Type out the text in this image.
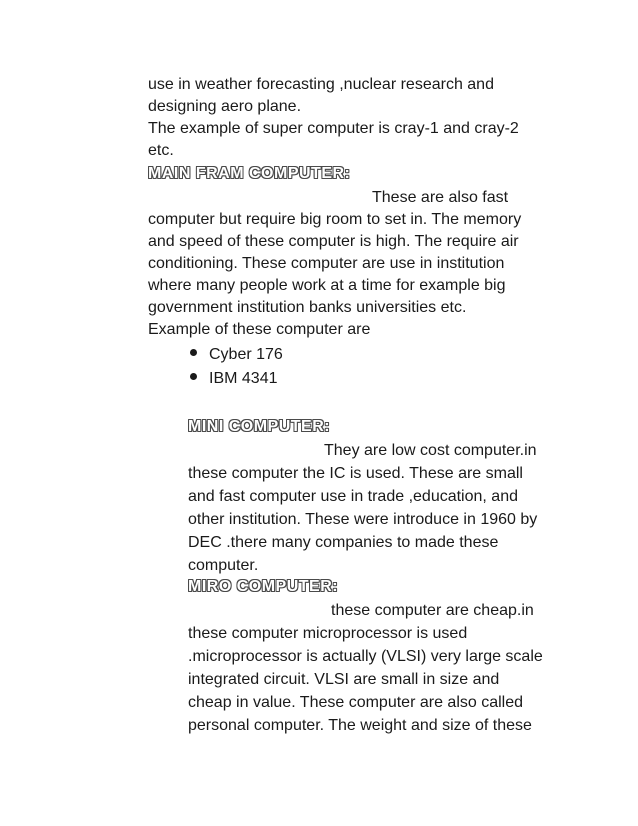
use in weather forecasting ,nuclear research and
designing aero plane.
The example of super computer is cray-1 and cray-2
etc.
MAIN FRAM COMPUTER:
These are also fast
computer but require big room to set in. The memory
and speed of these computer is high. The require air
conditioning. These computer are use in institution
where many people work at a time for example big
government institution banks universities etc.
Example of these computer are
Cyber 176
IBM 4341
MINI COMPUTER:
They are low cost computer.in
these computer the IC is used. These are small
and fast computer use in trade ,education, and
other institution. These were introduce in 1960 by
DEC .there many companies to made these
computer.
MIRO COMPUTER:
these computer are cheap.in
these computer microprocessor is used
.microprocessor is actually (VLSI) very large scale
integrated circuit. VLSI are small in size and
cheap in value. These computer are also called
personal computer. The weight and size of these
